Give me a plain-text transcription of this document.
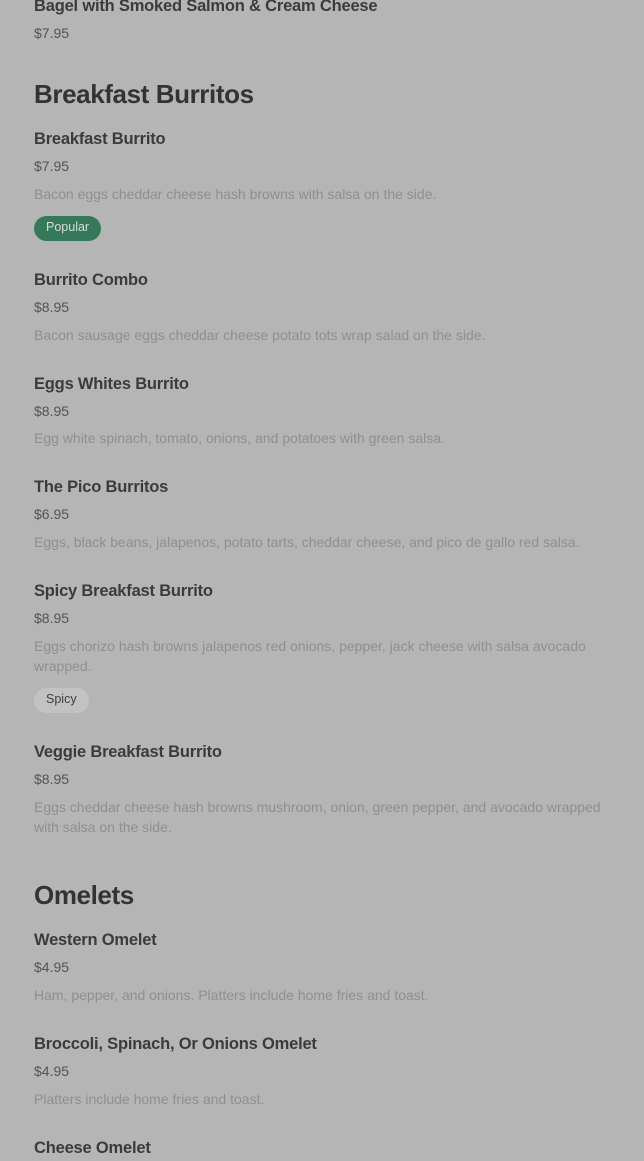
Bagel with Smoked Salmon & Cream Cheese
$7.95
Breakfast Burritos
Breakfast Burrito
$7.95

Bacon eggs cheddar cheese hash browns with salsa on the side.

Popular
Burrito Combo
$8.95

Bacon sausage eggs cheddar cheese potato tots wrap salad on the side.

Eggs Whites Burrito
$8.95

Egg white spinach, tomato, onions, and potatoes with green salsa.

The Pico Burritos
$6.95

Eggs, black beans, jalapenos, potato tarts, cheddar cheese, and pico de gallo red salsa.

Spicy Breakfast Burrito
$8.95

Eggs chorizo hash browns jalapenos red onions, pepper, jack cheese with salsa avocado wrapped.

Spicy
Veggie Breakfast Burrito
$8.95

Eggs cheddar cheese hash browns mushroom, onion, green pepper, and avocado wrapped with salsa on the side.

Omelets
Western Omelet
$4.95

Ham, pepper, and onions. Platters include home fries and toast.

Broccoli, Spinach, Or Onions Omelet
$4.95

Platters include home fries and toast.

Cheese Omelet
